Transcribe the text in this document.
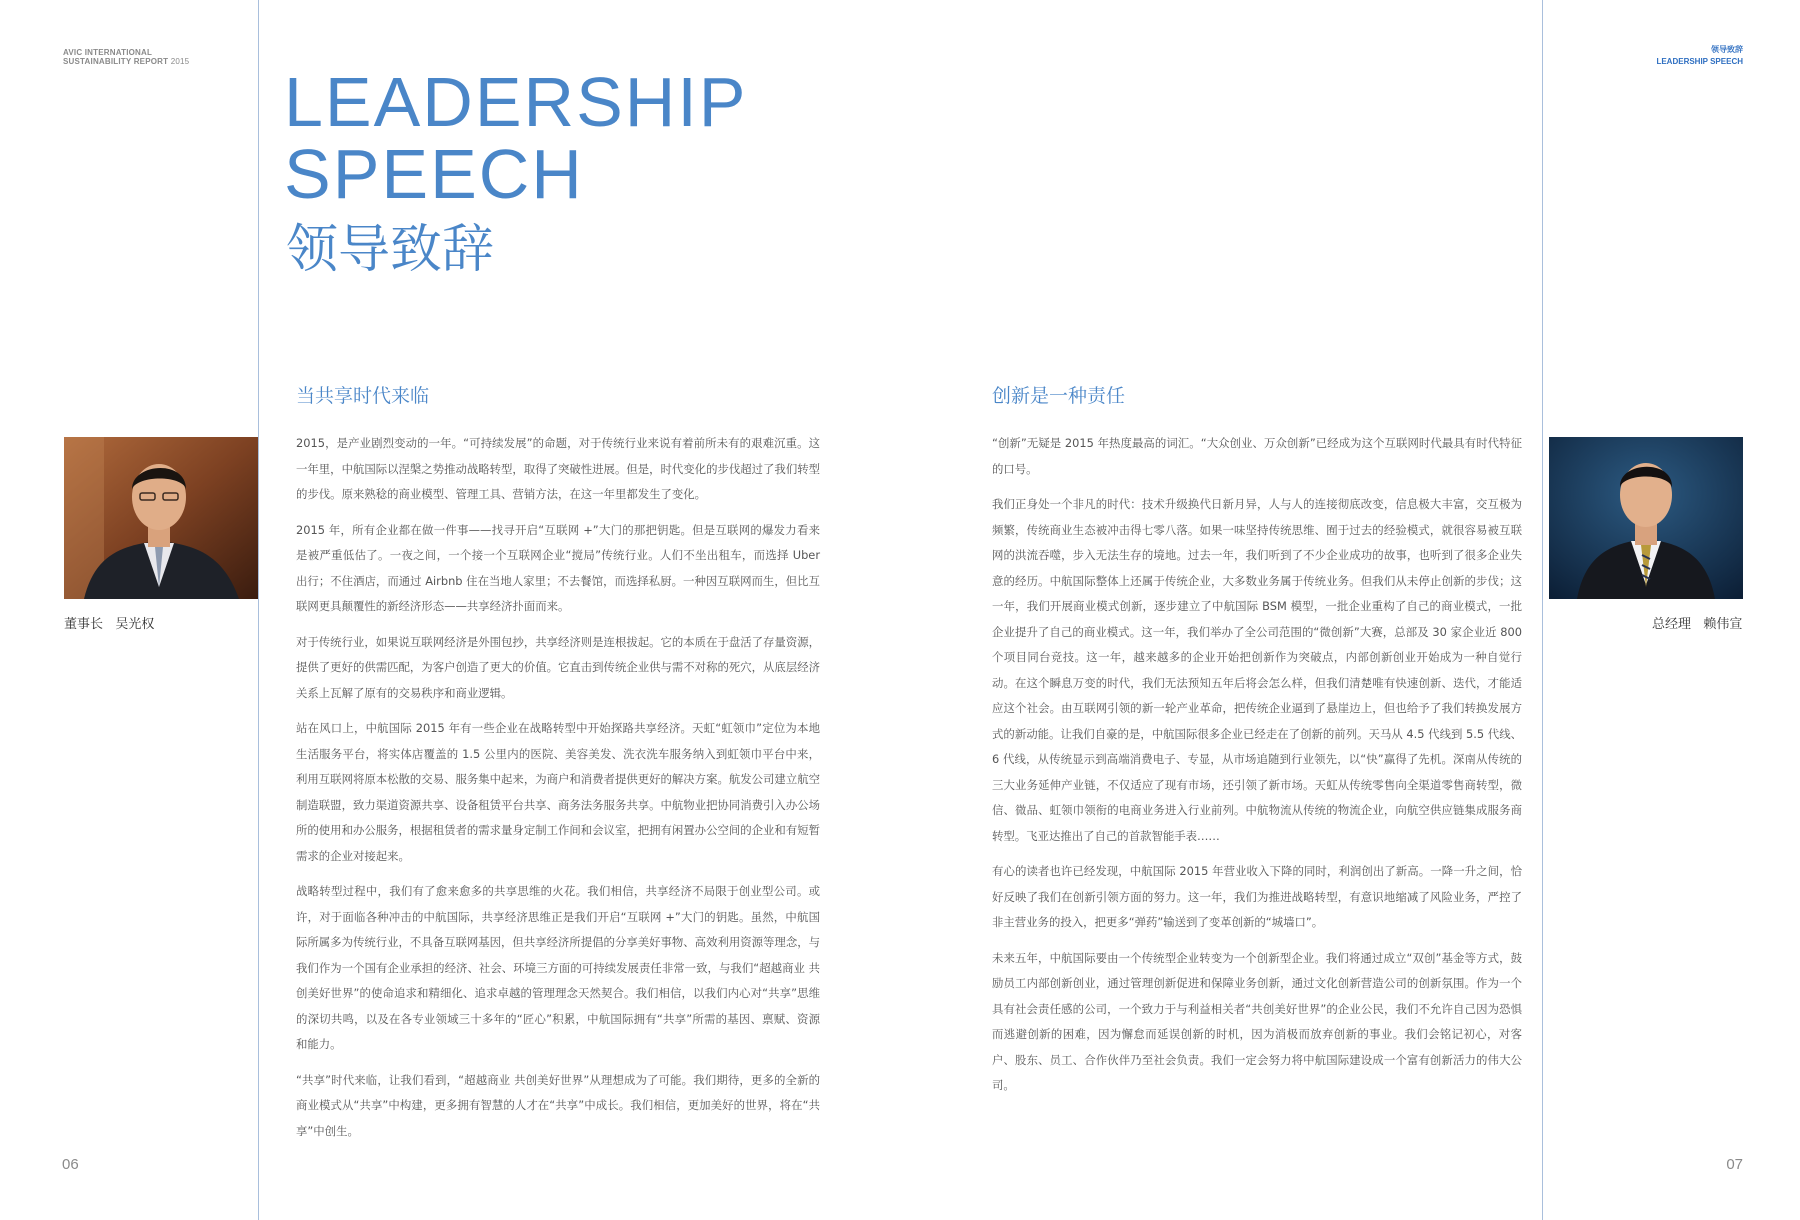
AVIC INTERNATIONAL
SUSTAINABILITY REPORT 2015
领导致辞
LEADERSHIP SPEECH
LEADERSHIP
SPEECH
领导致辞
董事长   吴光权	总经理   赖伟宣
当共享时代来临

2015，是产业剧烈变动的一年。“可持续发展”的命题，对于传统行业来说有着前所未有的艰难沉重。这一年里，中航国际以涅槃之势推动战略转型，取得了突破性进展。但是，时代变化的步伐超过了我们转型的步伐。原来熟稔的商业模型、管理工具、营销方法，在这一年里都发生了变化。

2015 年，所有企业都在做一件事——找寻开启“互联网 +”大门的那把钥匙。但是互联网的爆发力看来是被严重低估了。一夜之间，一个接一个互联网企业“搅局”传统行业。人们不坐出租车，而选择 Uber 出行；不住酒店，而通过 Airbnb 住在当地人家里；不去餐馆，而选择私厨。一种因互联网而生，但比互联网更具颠覆性的新经济形态——共享经济扑面而来。

对于传统行业，如果说互联网经济是外围包抄，共享经济则是连根拔起。它的本质在于盘活了存量资源，提供了更好的供需匹配，为客户创造了更大的价值。它直击到传统企业供与需不对称的死穴，从底层经济关系上瓦解了原有的交易秩序和商业逻辑。

站在风口上，中航国际 2015 年有一些企业在战略转型中开始探路共享经济。天虹“虹领巾”定位为本地生活服务平台，将实体店覆盖的 1.5 公里内的医院、美容美发、洗衣洗车服务纳入到虹领巾平台中来，利用互联网将原本松散的交易、服务集中起来，为商户和消费者提供更好的解决方案。航发公司建立航空制造联盟，致力渠道资源共享、设备租赁平台共享、商务法务服务共享。中航物业把协同消费引入办公场所的使用和办公服务，根据租赁者的需求量身定制工作间和会议室，把拥有闲置办公空间的企业和有短暂需求的企业对接起来。

战略转型过程中，我们有了愈来愈多的共享思维的火花。我们相信，共享经济不局限于创业型公司。或许，对于面临各种冲击的中航国际，共享经济思维正是我们开启“互联网 +”大门的钥匙。虽然，中航国际所属多为传统行业，不具备互联网基因，但共享经济所提倡的分享美好事物、高效利用资源等理念，与我们作为一个国有企业承担的经济、社会、环境三方面的可持续发展责任非常一致，与我们“超越商业 共创美好世界”的使命追求和精细化、追求卓越的管理理念天然契合。我们相信，以我们内心对“共享”思维的深切共鸣，以及在各专业领域三十多年的“匠心”积累，中航国际拥有“共享”所需的基因、禀赋、资源和能力。

“共享”时代来临，让我们看到，“超越商业 共创美好世界”从理想成为了可能。我们期待，更多的全新的商业模式从“共享”中构建，更多拥有智慧的人才在“共享”中成长。我们相信，更加美好的世界，将在“共享”中创生。

创新是一种责任

“创新”无疑是 2015 年热度最高的词汇。“大众创业、万众创新”已经成为这个互联网时代最具有时代特征的口号。

我们正身处一个非凡的时代：技术升级换代日新月异，人与人的连接彻底改变，信息极大丰富，交互极为频繁，传统商业生态被冲击得七零八落。如果一味坚持传统思维、囿于过去的经验模式，就很容易被互联网的洪流吞噬，步入无法生存的境地。过去一年，我们听到了不少企业成功的故事，也听到了很多企业失意的经历。中航国际整体上还属于传统企业，大多数业务属于传统业务。但我们从未停止创新的步伐；这一年，我们开展商业模式创新，逐步建立了中航国际 BSM 模型，一批企业重构了自己的商业模式，一批企业提升了自己的商业模式。这一年，我们举办了全公司范围的“微创新”大赛，总部及 30 家企业近 800 个项目同台竞技。这一年，越来越多的企业开始把创新作为突破点，内部创新创业开始成为一种自觉行动。在这个瞬息万变的时代，我们无法预知五年后将会怎么样，但我们清楚唯有快速创新、迭代，才能适应这个社会。由互联网引领的新一轮产业革命，把传统企业逼到了悬崖边上，但也给予了我们转换发展方式的新动能。让我们自豪的是，中航国际很多企业已经走在了创新的前列。天马从 4.5 代线到 5.5 代线、6 代线，从传统显示到高端消费电子、专显，从市场追随到行业领先，以“快”赢得了先机。深南从传统的三大业务延伸产业链，不仅适应了现有市场，还引领了新市场。天虹从传统零售向全渠道零售商转型，微信、微品、虹领巾领衔的电商业务进入行业前列。中航物流从传统的物流企业，向航空供应链集成服务商转型。飞亚达推出了自己的首款智能手表……

有心的读者也许已经发现，中航国际 2015 年营业收入下降的同时，利润创出了新高。一降一升之间，恰好反映了我们在创新引领方面的努力。这一年，我们为推进战略转型，有意识地缩减了风险业务，严控了非主营业务的投入，把更多“弹药”输送到了变革创新的“城墙口”。

未来五年，中航国际要由一个传统型企业转变为一个创新型企业。我们将通过成立“双创”基金等方式，鼓励员工内部创新创业，通过管理创新促进和保障业务创新，通过文化创新营造公司的创新氛围。作为一个具有社会责任感的公司，一个致力于与利益相关者“共创美好世界”的企业公民，我们不允许自己因为恐惧而逃避创新的困难，因为懈怠而延误创新的时机，因为消极而放弃创新的事业。我们会铭记初心，对客户、股东、员工、合作伙伴乃至社会负责。我们一定会努力将中航国际建设成一个富有创新活力的伟大公司。

06	07
